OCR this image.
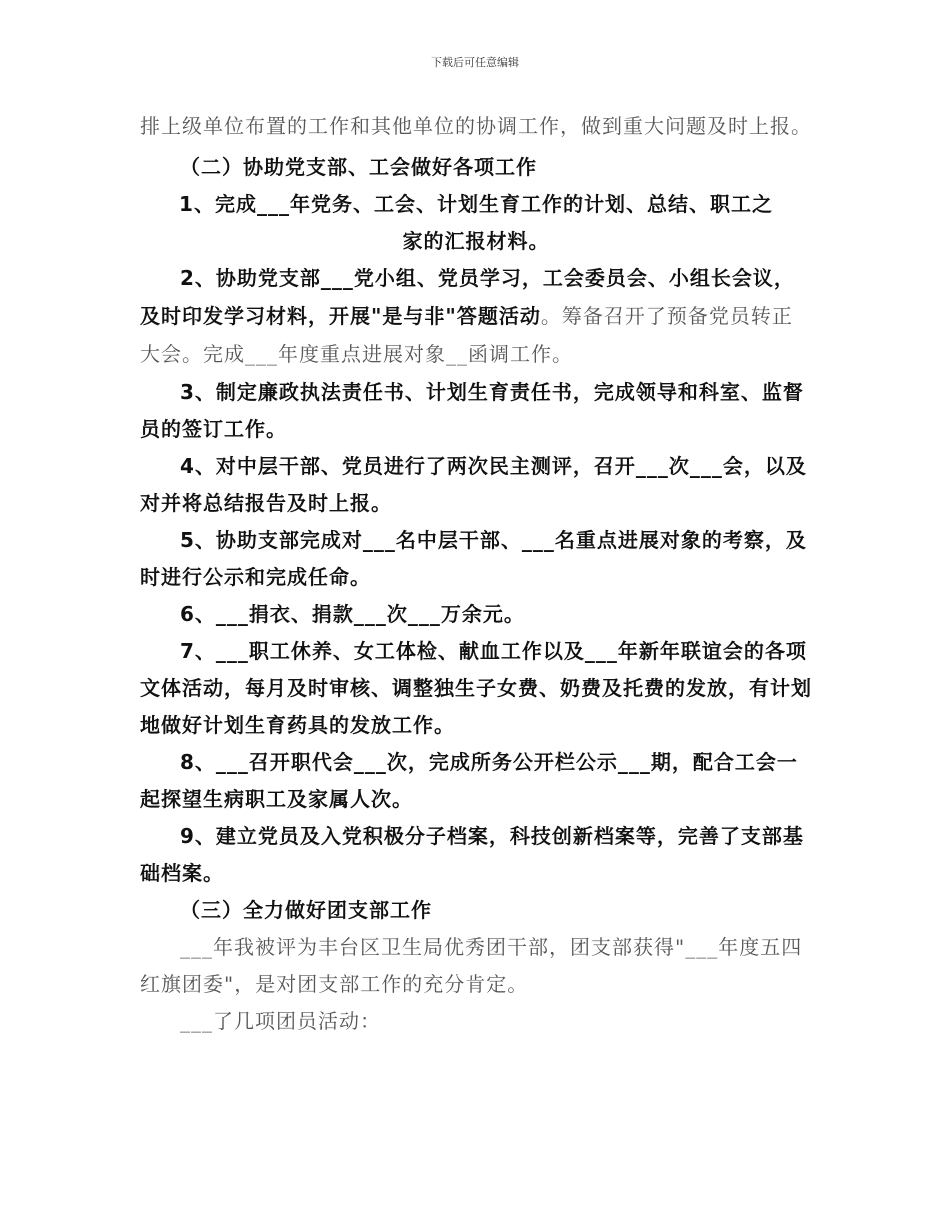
下载后可任意编辑

排上级单位布置的工作和其他单位的协调工作，做到重大问题及时上报。

（二）协助党支部、工会做好各项工作

1、完成___年党务、工会、计划生育工作的计划、总结、职工之

家的汇报材料。

2、协助党支部___党小组、党员学习，工会委员会、小组长会议，及时印发学习材料，开展"是与非"答题活动。筹备召开了预备党员转正大会。完成___年度重点进展对象__函调工作。

3、制定廉政执法责任书、计划生育责任书，完成领导和科室、监督员的签订工作。

4、对中层干部、党员进行了两次民主测评，召开___次___会，以及对并将总结报告及时上报。

5、协助支部完成对___名中层干部、___名重点进展对象的考察，及时进行公示和完成任命。

6、___捐衣、捐款___次___万余元。

7、___职工休养、女工体检、献血工作以及___年新年联谊会的各项文体活动，每月及时审核、调整独生子女费、奶费及托费的发放，有计划地做好计划生育药具的发放工作。

8、___召开职代会___次，完成所务公开栏公示___期，配合工会一起探望生病职工及家属人次。

9、建立党员及入党积极分子档案，科技创新档案等，完善了支部基础档案。

（三）全力做好团支部工作

___年我被评为丰台区卫生局优秀团干部，团支部获得"___年度五四红旗团委"，是对团支部工作的充分肯定。

___了几项团员活动：
